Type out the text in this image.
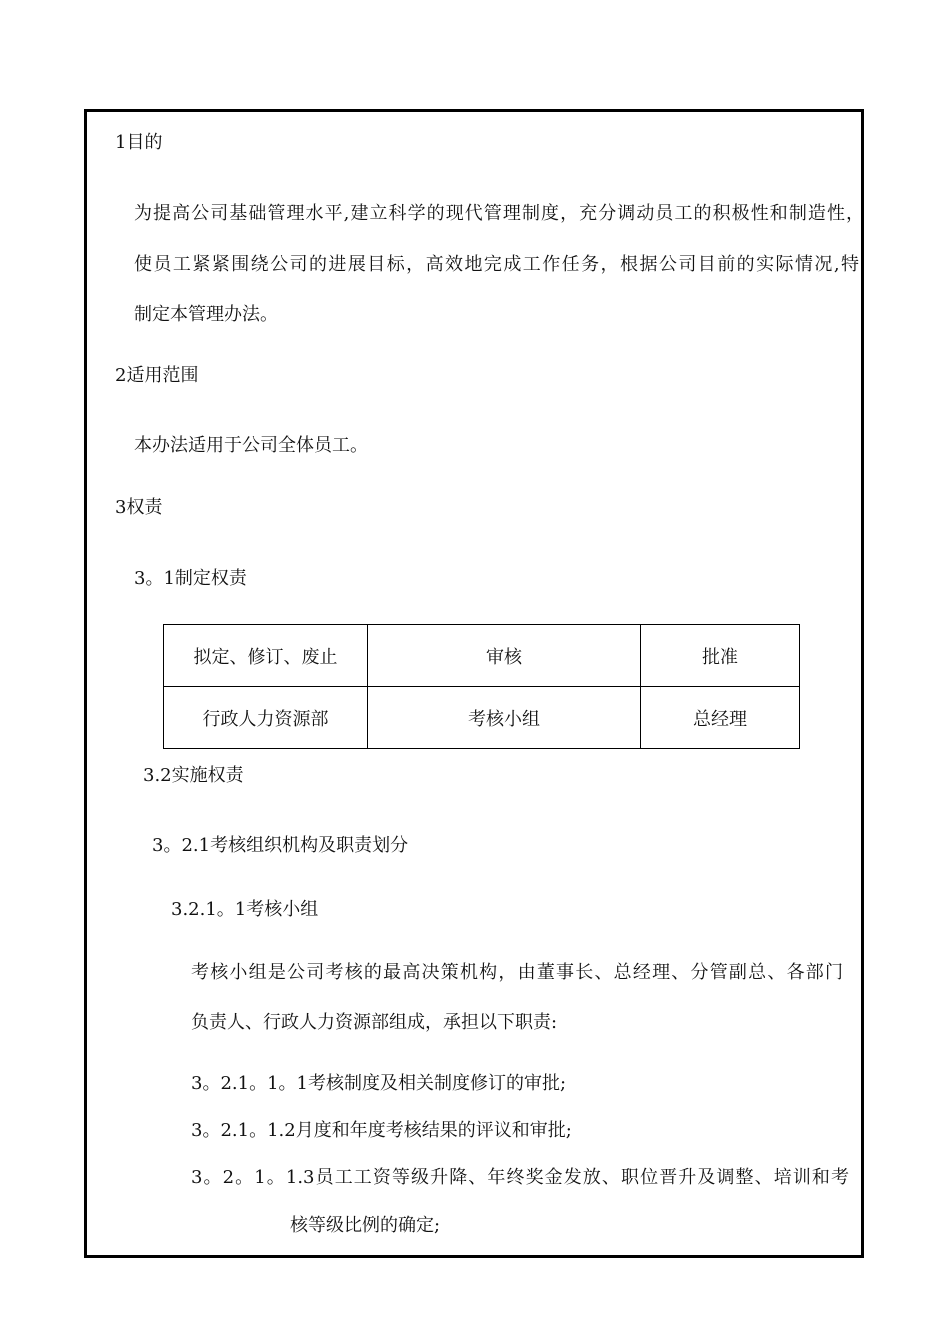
1目的
为提高公司基础管理水平,建立科学的现代管理制度，充分调动员工的积极性和制造性，
使员工紧紧围绕公司的进展目标，高效地完成工作任务，根据公司目前的实际情况,特
制定本管理办法。
2适用范围
本办法适用于公司全体员工。
3权责
3。1制定权责
拟定、修订、废止	审核	批准
行政人力资源部	考核小组	总经理
3.2实施权责
3。2.1考核组织机构及职责划分
3.2.1。1考核小组
考核小组是公司考核的最高决策机构，由董事长、总经理、分管副总、各部门
负责人、行政人力资源部组成，承担以下职责:
3。2.1。1。1考核制度及相关制度修订的审批;
3。2.1。1.2月度和年度考核结果的评议和审批;
3。2。1。1.3员工工资等级升降、年终奖金发放、职位晋升及调整、培训和考
核等级比例的确定;
